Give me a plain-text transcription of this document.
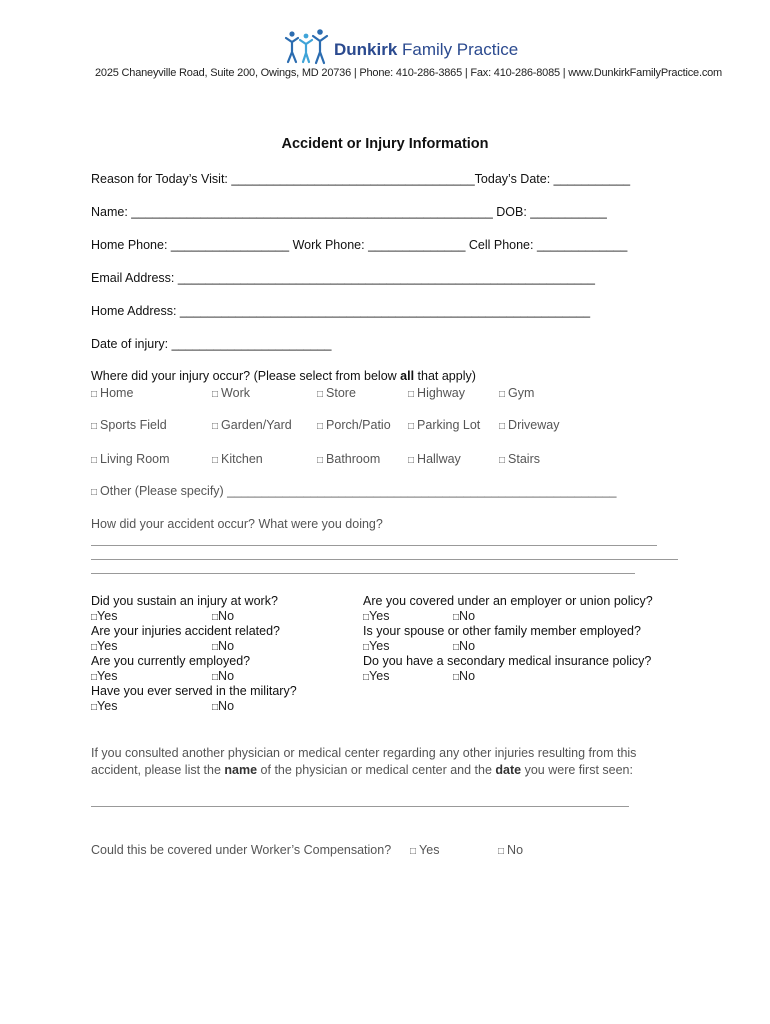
Dunkirk Family Practice
2025 Chaneyville Road, Suite 200, Owings, MD 20736 | Phone: 410-286-3865 | Fax: 410-286-8085 | www.DunkirkFamilyPractice.com
Accident or Injury Information
Reason for Today’s Visit: ___________________________________Today’s Date: ___________
Name: ____________________________________________________ DOB: ___________
Home Phone: _________________ Work Phone: ______________ Cell Phone: _____________
Email Address: ____________________________________________________________
Home Address: ___________________________________________________________
Date of injury: _______________________
Where did your injury occur? (Please select from below all that apply)
□ Home	□ Work	□ Store	□ Highway	□ Gym
□ Sports Field	□ Garden/Yard	□ Porch/Patio □ Parking Lot □ Driveway
□ Living Room	□ Kitchen	□ Bathroom	□ Hallway	□ Stairs
□ Other (Please specify) ________________________________________________________
How did your accident occur? What were you doing?
Did you sustain an injury at work?
□Yes	□No
Are your injuries accident related?
□Yes	□No
Are you currently employed?
□Yes	□No
Have you ever served in the military?
□Yes	□No
Are you covered under an employer or union policy?
□Yes	□No
Is your spouse or other family member employed?
□Yes	□No
Do you have a secondary medical insurance policy?
□Yes	□No
If you consulted another physician or medical center regarding any other injuries resulting from this
accident, please list the name of the physician or medical center and the date you were first seen:
Could this be covered under Worker’s Compensation? □ Yes	□ No
